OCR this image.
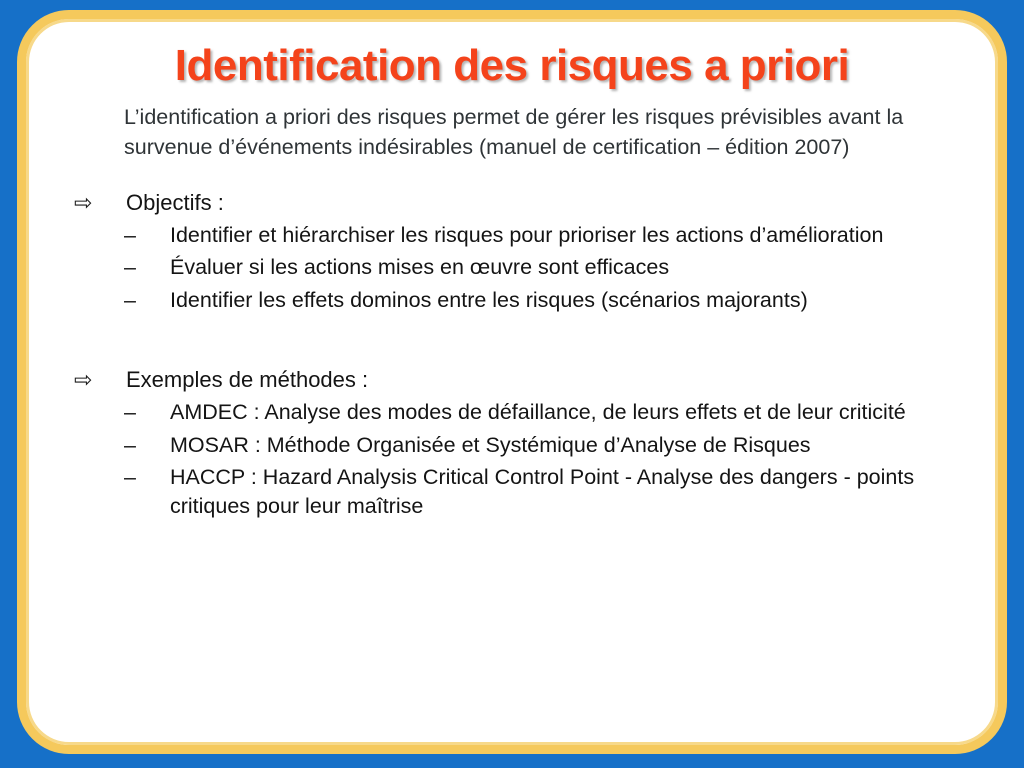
Identification des risques a priori

L’identification a priori des risques permet de gérer les risques prévisibles avant la survenue d’événements indésirables (manuel de certification – édition 2007)

⇨	Objectifs :
–	Identifier et hiérarchiser les risques pour prioriser les actions d’amélioration
–	Évaluer si les actions mises en œuvre sont efficaces
–	Identifier les effets dominos entre les risques (scénarios majorants)
⇨	Exemples de méthodes :
–	AMDEC : Analyse des modes de défaillance, de leurs effets et de leur criticité
–	MOSAR : Méthode Organisée et Systémique d’Analyse de Risques
–	HACCP : Hazard Analysis Critical Control Point - Analyse des dangers - points critiques pour leur maîtrise
